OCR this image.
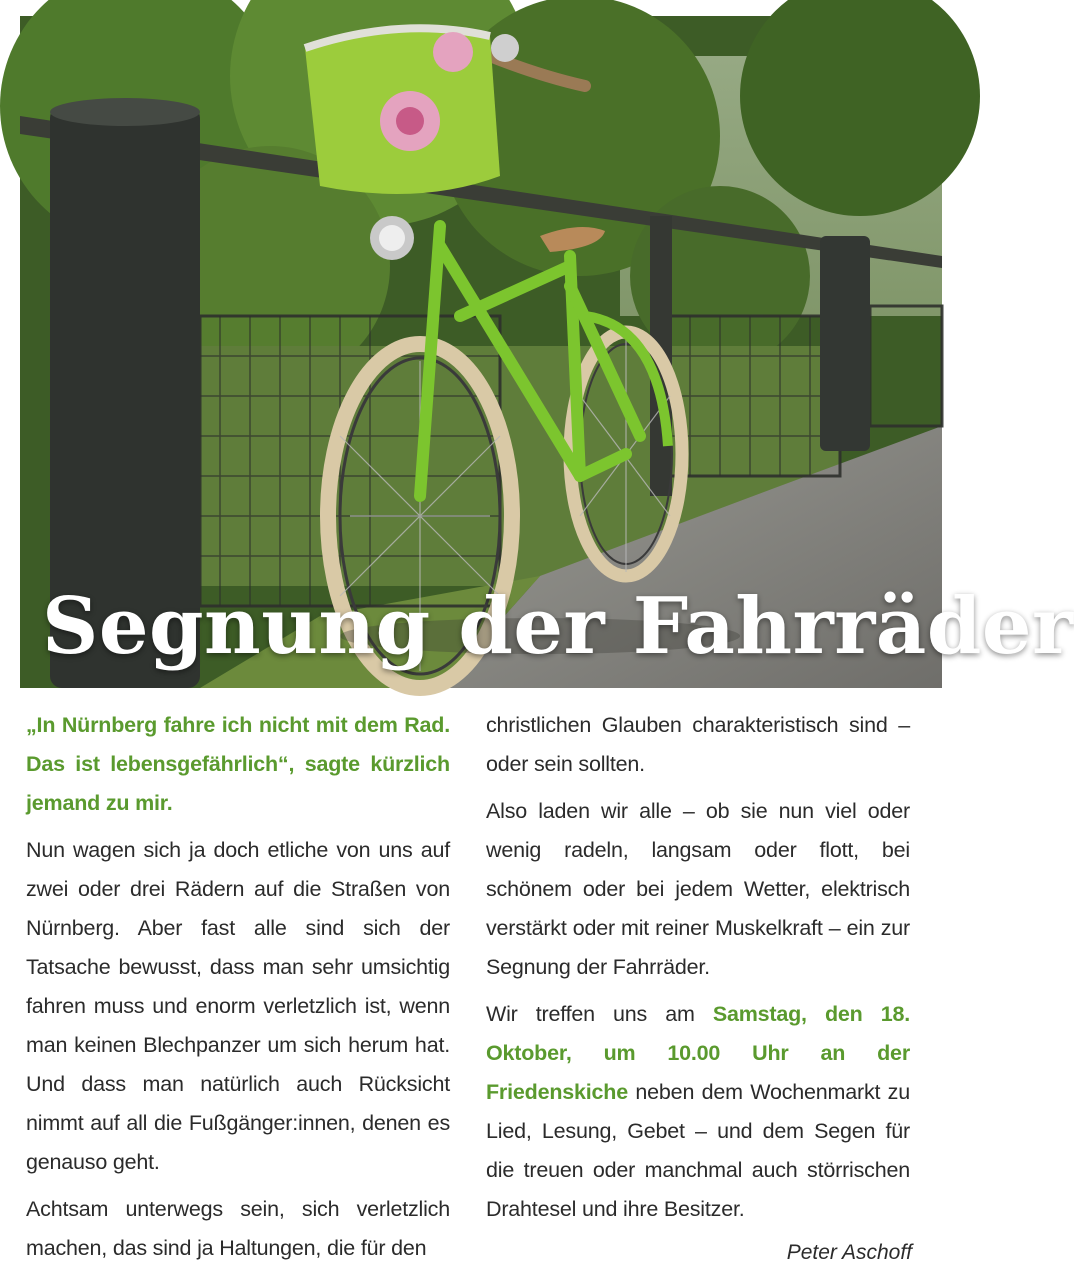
Segnung der Fahrräder

„In Nürnberg fahre ich nicht mit dem Rad. Das ist lebensgefährlich“, sagte kürzlich jemand zu mir.

Nun wagen sich ja doch etliche von uns auf zwei oder drei Rädern auf die Straßen von Nürnberg. Aber fast alle sind sich der Tatsache bewusst, dass man sehr umsichtig fahren muss und enorm verletzlich ist, wenn man keinen Blechpanzer um sich herum hat. Und dass man natürlich auch Rücksicht nimmt auf all die Fußgänger:innen, denen es genauso geht.

Achtsam unterwegs sein, sich verletzlich machen, das sind ja Haltungen, die für den

christlichen Glauben charakteristisch sind – oder sein sollten.

Also laden wir alle – ob sie nun viel oder wenig radeln, langsam oder flott, bei schönem oder bei jedem Wetter, elektrisch verstärkt oder mit reiner Muskelkraft – ein zur Segnung der Fahrräder.

Wir treffen uns am Samstag, den 18. Oktober, um 10.00 Uhr an der Friedenskiche neben dem Wochenmarkt zu Lied, Lesung, Gebet – und dem Segen für die treuen oder manchmal auch störrischen Drahtesel und ihre Besitzer.

Peter Aschoff
